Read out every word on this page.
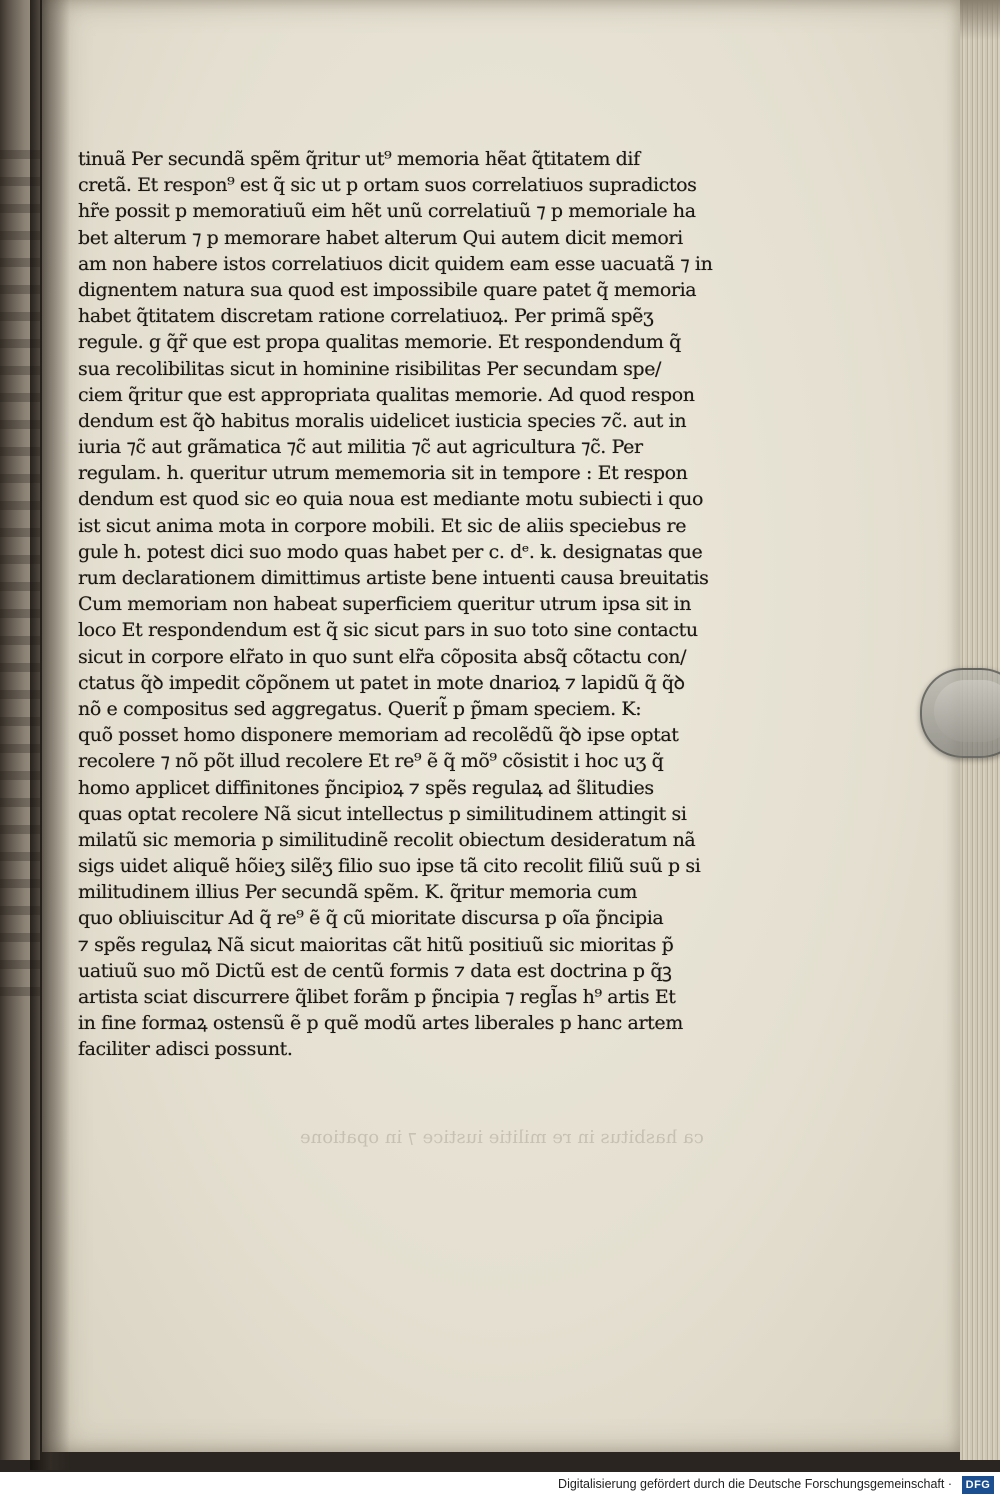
ca hasbitus in re militie iustice ⁊ in opatione
tinuã Per secundã spẽm q̃ritur ut⁹ memoria hẽat q̃titatem dif
cretã. Et respon⁹ est q̃ sic ut p ortam suos correlatiuos supradictos
hr̃e possit p memoratiuũ eim hẽt unũ correlatiuũ ⁊ p memoriale ha
bet alterum ⁊ p memorare habet alterum Qui autem dicit memori
am non habere istos correlatiuos dicit quidem eam esse uacuatã ⁊ in
dignentem natura sua quod est impossibile quare patet q̃ memoria
habet q̃titatem discretam ratione correlatiuoꝝ. Per primã spẽʒ
regule. g q̃r̃ que est propa qualitas memorie. Et respondendum q̃
sua recolibilitas sicut in hominine risibilitas Per secundam spe/
ciem q̃ritur que est appropriata qualitas memorie. Ad quod respon
dendum est q̃ꝺ habitus moralis uidelicet iusticia species ⁊c̃. aut in
iuria ⁊c̃ aut grãmatica ⁊c̃ aut militia ⁊c̃ aut agricultura ⁊c̃. Per
regulam. h. queritur utrum mememoria sit in tempore : Et respon
dendum est quod sic eo quia noua est mediante motu subiecti i quo
ist sicut anima mota in corpore mobili. Et sic de aliis speciebus re
gule h. potest dici suo modo quas habet per c. dᵉ. k. designatas que
rum declarationem dimittimus artiste bene intuenti causa breuitatis
Cum memoriam non habeat superficiem queritur utrum ipsa sit in
loco Et respondendum est q̃ sic sicut pars in suo toto sine contactu
sicut in corpore elr̃ato in quo sunt elr̃a cõposita absq̃ cõtactu con/
ctatus q̃ꝺ impedit cõpõnem ut patet in mote dnarioꝝ ⁊ lapidũ q̃ q̃ꝺ
nõ e compositus sed aggregatus. Querit̃ p p̃mam speciem. K:
quõ posset homo disponere memoriam ad recolẽdũ q̃ꝺ ipse optat
recolere ⁊ nõ põt illud recolere Et re⁹ ẽ q̃ mõ⁹ cõsistit i hoc uʒ q̃
homo applicet diffinitones p̃ncipioꝝ ⁊ spẽs regulaꝝ ad s̃litudies
quas optat recolere Nã sicut intellectus p similitudinem attingit si
milatũ sic memoria p similitudinẽ recolit obiectum desideratum nã
sigs uidet aliquẽ hõieʒ silẽʒ filio suo ipse tã cito recolit filiũ suũ p si
militudinem illius Per secundã spẽm. K. q̃ritur memoria cum
quo obliuiscitur Ad q̃ re⁹ ẽ q̃ cũ mioritate discursa p oĩa p̃ncipia
⁊ spẽs regulaꝝ Nã sicut maioritas cãt hitũ positiuũ sic mioritas p̃
uatiuũ suo mõ Dictũ est de centũ formis ⁊ data est doctrina p q̃ꝫ
artista sciat discurrere q̃libet forãm p p̃ncipia ⁊ regl̃as h⁹ artis Et
in fine formaꝝ ostensũ ẽ p quẽ modũ artes liberales p hanc artem
faciliter adisci possunt.
Digitalisierung gefördert durch die Deutsche Forschungsgemeinschaft ·	DFG
